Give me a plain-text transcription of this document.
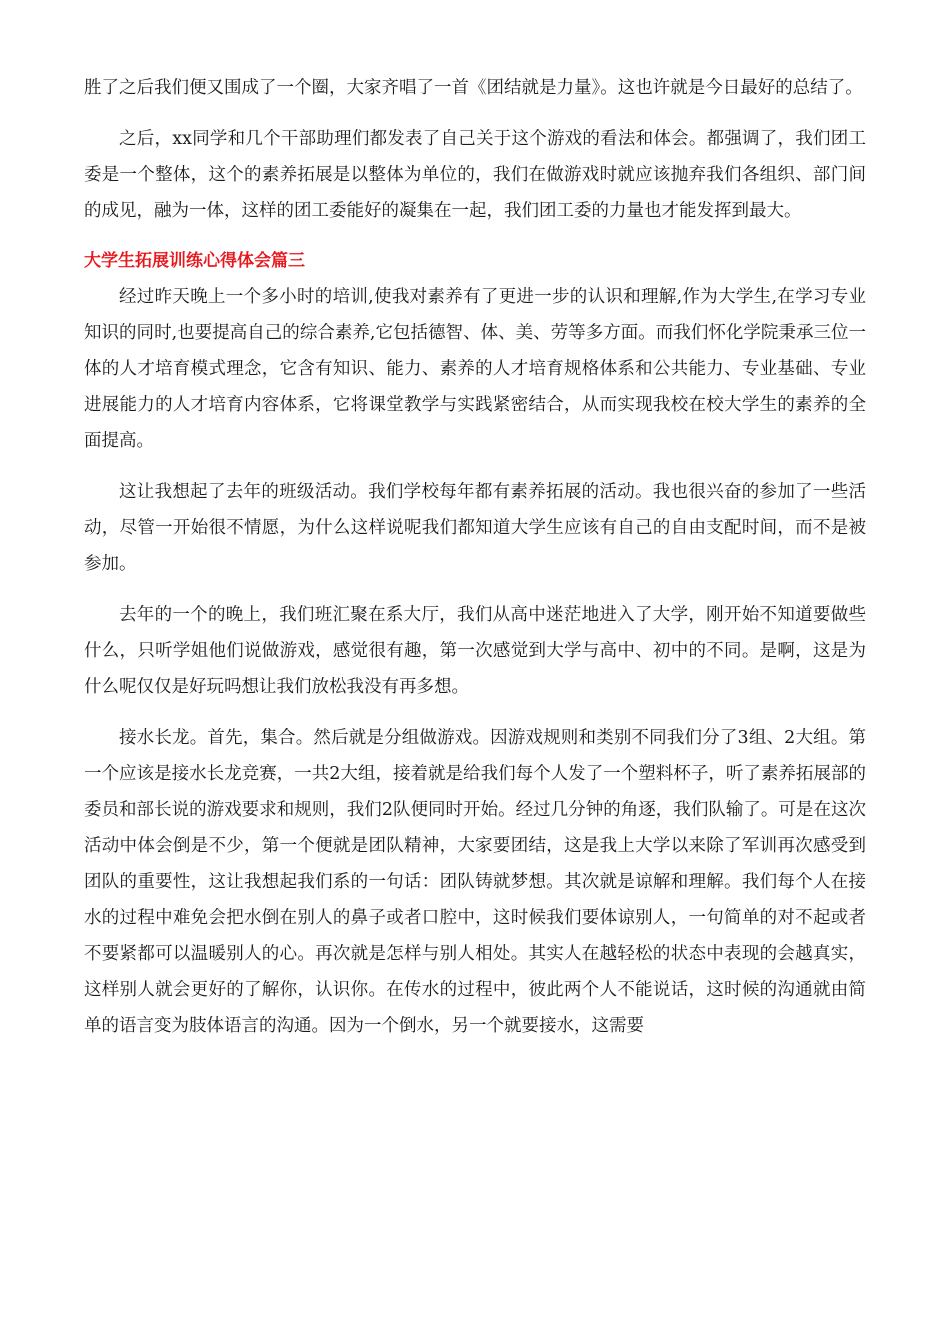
胜了之后我们便又围成了一个圈，大家齐唱了一首《团结就是力量》。这也许就是今日最好的总结了。

之后，xx同学和几个干部助理们都发表了自己关于这个游戏的看法和体会。都强调了，我们团工委是一个整体，这个的素养拓展是以整体为单位的，我们在做游戏时就应该抛弃我们各组织、部门间的成见，融为一体，这样的团工委能好的凝集在一起，我们团工委的力量也才能发挥到最大。

大学生拓展训练心得体会篇三

经过昨天晚上一个多小时的培训,使我对素养有了更进一步的认识和理解,作为大学生,在学习专业知识的同时,也要提高自己的综合素养,它包括德智、体、美、劳等多方面。而我们怀化学院秉承三位一体的人才培育模式理念，它含有知识、能力、素养的人才培育规格体系和公共能力、专业基础、专业进展能力的人才培育内容体系，它将课堂教学与实践紧密结合，从而实现我校在校大学生的素养的全面提高。

这让我想起了去年的班级活动。我们学校每年都有素养拓展的活动。我也很兴奋的参加了一些活动，尽管一开始很不情愿，为什么这样说呢我们都知道大学生应该有自己的自由支配时间，而不是被参加。

去年的一个的晚上，我们班汇聚在系大厅，我们从高中迷茫地进入了大学，刚开始不知道要做些什么，只听学姐他们说做游戏，感觉很有趣，第一次感觉到大学与高中、初中的不同。是啊，这是为什么呢仅仅是好玩吗想让我们放松我没有再多想。

接水长龙。首先，集合。然后就是分组做游戏。因游戏规则和类别不同我们分了3组、2大组。第一个应该是接水长龙竞赛，一共2大组，接着就是给我们每个人发了一个塑料杯子，听了素养拓展部的委员和部长说的游戏要求和规则，我们2队便同时开始。经过几分钟的角逐，我们队输了。可是在这次活动中体会倒是不少，第一个便就是团队精神，大家要团结，这是我上大学以来除了军训再次感受到团队的重要性，这让我想起我们系的一句话：团队铸就梦想。其次就是谅解和理解。我们每个人在接水的过程中难免会把水倒在别人的鼻子或者口腔中，这时候我们要体谅别人，一句简单的对不起或者不要紧都可以温暖别人的心。再次就是怎样与别人相处。其实人在越轻松的状态中表现的会越真实，这样别人就会更好的了解你，认识你。在传水的过程中，彼此两个人不能说话，这时候的沟通就由简单的语言变为肢体语言的沟通。因为一个倒水，另一个就要接水，这需要
